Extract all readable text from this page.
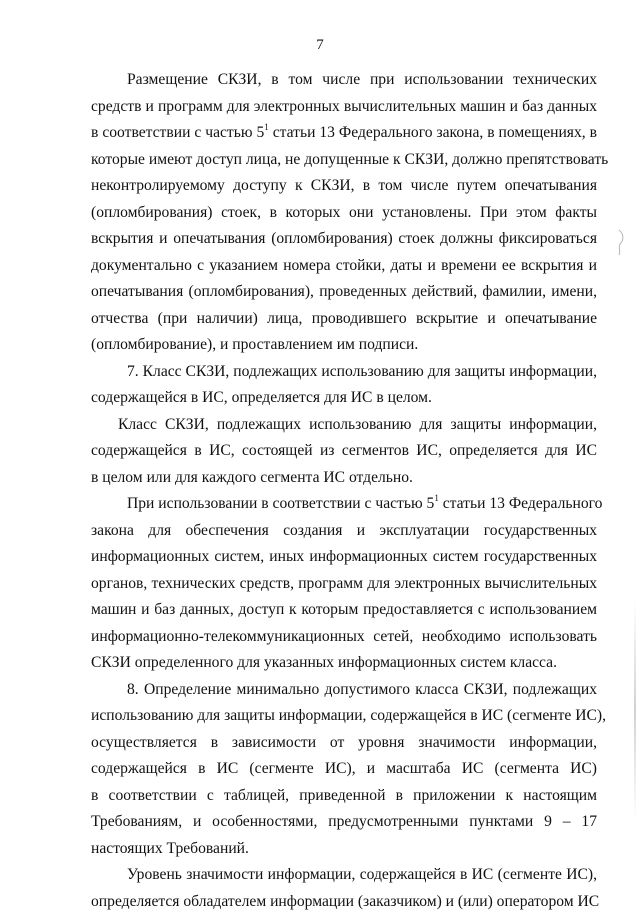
7
Размещение СКЗИ, в том числе при использовании технических
средств и программ для электронных вычислительных машин и баз данных
в соответствии с частью $5^1$ статьи 13 Федерального закона, в помещениях, в
которые имеют доступ лица, не допущенные к СКЗИ, должно препятствовать
неконтролируемому доступу к СКЗИ, в том числе путем опечатывания
(опломбирования) стоек, в которых они установлены. При этом факты
вскрытия и опечатывания (опломбирования) стоек должны фиксироваться
документально с указанием номера стойки, даты и времени ее вскрытия и
опечатывания (опломбирования), проведенных действий, фамилии, имени,
отчества (при наличии) лица, проводившего вскрытие и опечатывание
(опломбирование), и проставлением им подписи.
7. Класс СКЗИ, подлежащих использованию для защиты информации,
содержащейся в ИС, определяется для ИС в целом.
Класс СКЗИ, подлежащих использованию для защиты информации,
содержащейся в ИС, состоящей из сегментов ИС, определяется для ИС
в целом или для каждого сегмента ИС отдельно.
При использовании в соответствии с частью $5^1$ статьи 13 Федерального
закона для обеспечения создания и эксплуатации государственных
информационных систем, иных информационных систем государственных
органов, технических средств, программ для электронных вычислительных
машин и баз данных, доступ к которым предоставляется с использованием
информационно-телекоммуникационных сетей, необходимо использовать
СКЗИ определенного для указанных информационных систем класса.
8. Определение минимально допустимого класса СКЗИ, подлежащих
использованию для защиты информации, содержащейся в ИС (сегменте ИС),
осуществляется в зависимости от уровня значимости информации,
содержащейся в ИС (сегменте ИС), и масштаба ИС (сегмента ИС)
в соответствии с таблицей, приведенной в приложении к настоящим
Требованиям, и особенностями, предусмотренными пунктами 9 – 17
настоящих Требований.
Уровень значимости информации, содержащейся в ИС (сегменте ИС),
определяется обладателем информации (заказчиком) и (или) оператором ИС
